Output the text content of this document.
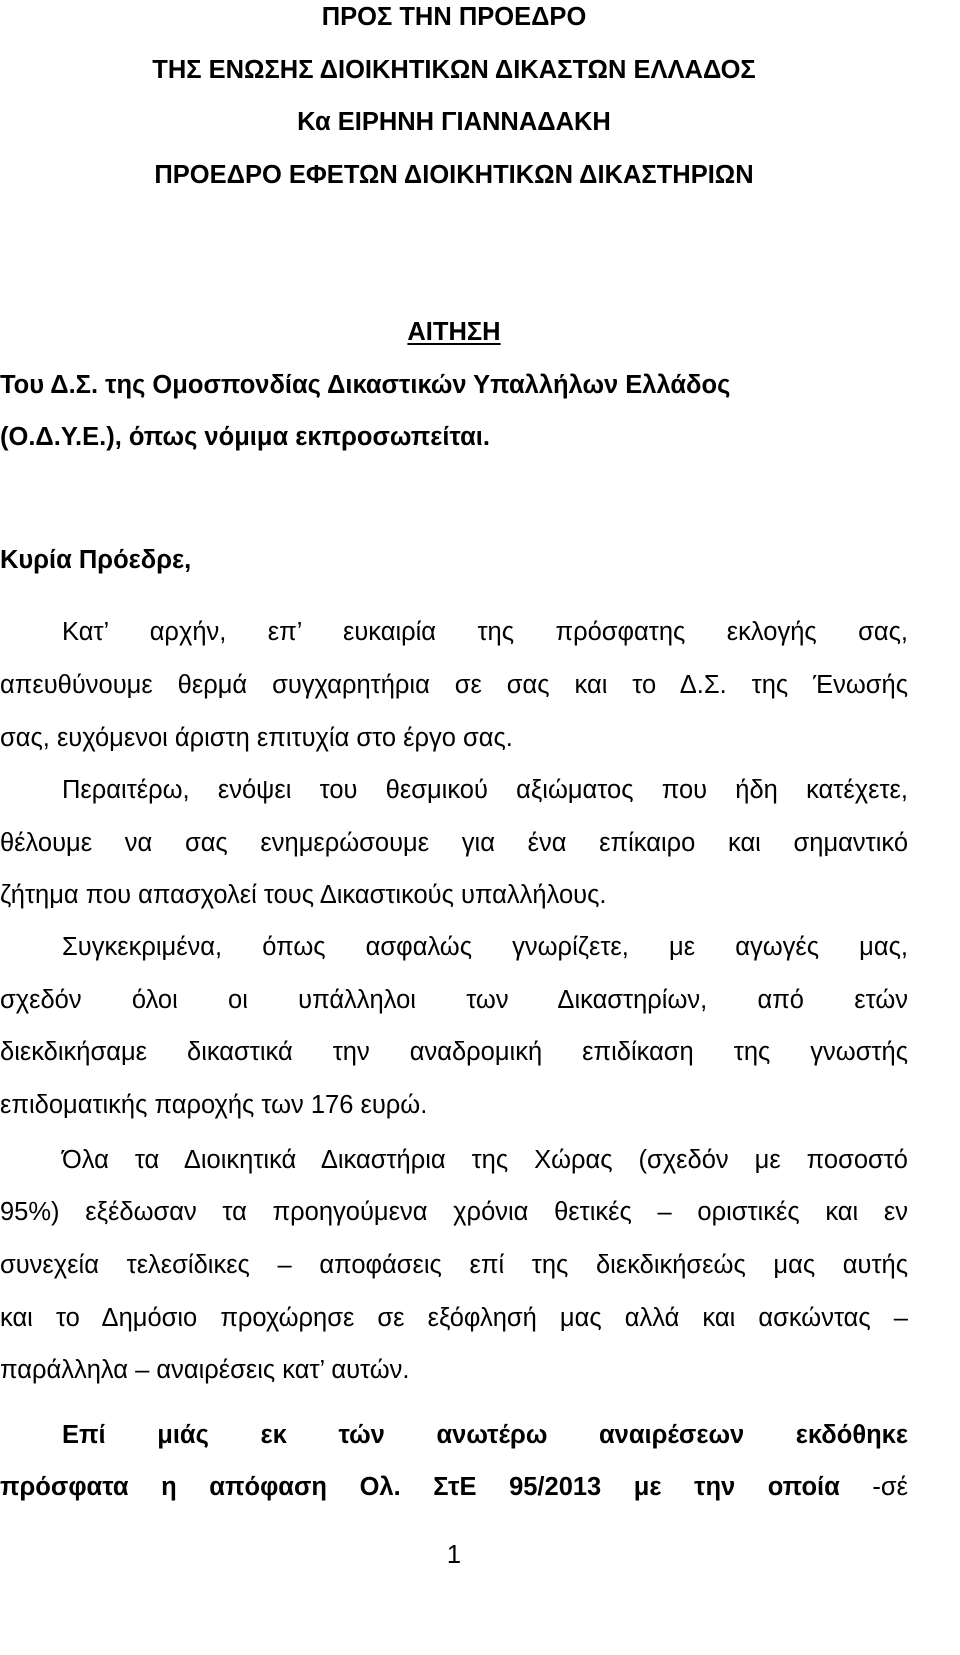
ΠΡΟΣ ΤΗΝ ΠΡΟΕΔΡΟ
ΤΗΣ ΕΝΩΣΗΣ ΔΙΟΙΚΗΤΙΚΩΝ ΔΙΚΑΣΤΩΝ ΕΛΛΑΔΟΣ
Κα ΕΙΡΗΝΗ ΓΙΑΝΝΑΔΑΚΗ
ΠΡΟΕΔΡΟ ΕΦΕΤΩΝ ΔΙΟΙΚΗΤΙΚΩΝ ΔΙΚΑΣΤΗΡΙΩΝ
ΑΙΤΗΣΗ
Του Δ.Σ. της Ομοσπονδίας Δικαστικών Υπαλλήλων Ελλάδος
(Ο.Δ.Υ.Ε.), όπως νόμιμα εκπροσωπείται.
Κυρία Πρόεδρε,
Κατ’ αρχήν, επ’ ευκαιρία της πρόσφατης εκλογής σας,
απευθύνουμε θερμά συγχαρητήρια σε σας και το Δ.Σ. της Ένωσής
σας, ευχόμενοι άριστη επιτυχία στο έργο σας.
Περαιτέρω, ενόψει του θεσμικού αξιώματος που ήδη κατέχετε,
θέλουμε να σας ενημερώσουμε για ένα επίκαιρο και σημαντικό
ζήτημα που απασχολεί τους Δικαστικούς υπαλλήλους.
Συγκεκριμένα, όπως ασφαλώς γνωρίζετε, με αγωγές μας,
σχεδόν όλοι οι υπάλληλοι των Δικαστηρίων, από ετών
διεκδικήσαμε δικαστικά την αναδρομική επιδίκαση της γνωστής
επιδοματικής παροχής των 176 ευρώ.
Όλα τα Διοικητικά Δικαστήρια της Χώρας (σχεδόν με ποσοστό
95%) εξέδωσαν τα προηγούμενα χρόνια θετικές – οριστικές και εν
συνεχεία τελεσίδικες – αποφάσεις επί της διεκδικήσεώς μας αυτής
και το Δημόσιο προχώρησε σε εξόφλησή μας αλλά και ασκώντας –
παράλληλα – αναιρέσεις κατ’ αυτών.
Επί μιάς εκ τών ανωτέρω αναιρέσεων εκδόθηκε
πρόσφατα η απόφαση Ολ. ΣτΕ 95/2013 με την οποία -σέ
1
